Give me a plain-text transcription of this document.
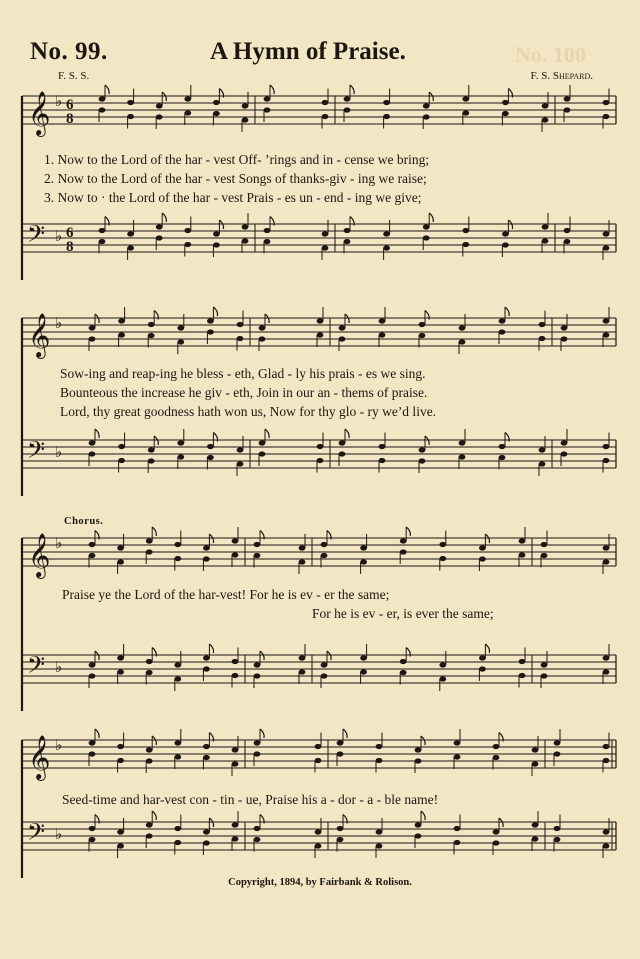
No. 99.	A Hymn of Praise.	No. 100
F. S. S.	F. S. Shepard.
𝄞 ♭ 6
8
𝄢 ♭ 6
8
𝄞 ♭
𝄢 ♭
𝄞 ♭
𝄢 ♭
𝄞 ♭
𝄢 ♭
1. Now to the Lord of the har - vest Off- ’rings and in - cense we bring;
2. Now to the Lord of the har - vest Songs of thanks-giv - ing we raise;
3. Now to · the Lord of the har - vest Prais - es un - end - ing we give;
Sow-ing and reap-ing he bless - eth, Glad - ly his prais - es we sing.
Bounteous the increase he giv - eth, Join in our an - thems of praise.
Lord, thy great goodness hath won us, Now for thy glo - ry we’d live.
Chorus.
Praise ye the Lord of the har-vest! For he is ev - er the same;
For he is ev - er, is ever the same;
Seed-time and har-vest con - tin - ue, Praise his a - dor - a - ble name!
Copyright, 1894, by Fairbank & Rolison.
